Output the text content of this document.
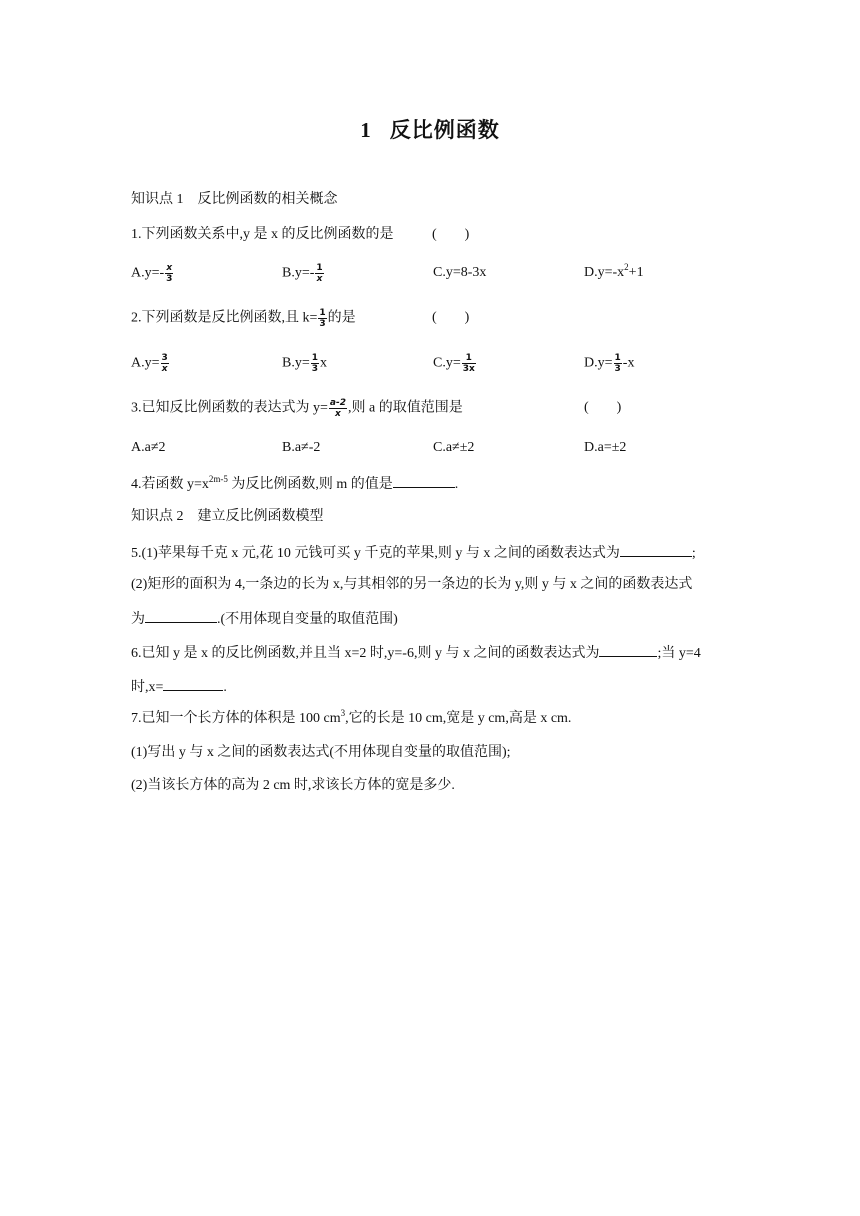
1 反比例函数
知识点 1　反比例函数的相关概念
1.下列函数关系中,y 是 x 的反比例函数的是	(　　)
$A.y=- \frac{x}{3}$	$B.y=- \frac{1}{x}$	C.y=8-3x	$D.y=-x^2+1$
2.下列函数是反比例函数,且 $k= \frac{1}{3}$ 的是	(　　)
$A.y= \frac{3}{x}$	$B.y= \frac{1}{3}$ x	$C.y= \frac{1}{3x}$	$D.y= \frac{1}{3} -x$
3.已知反比例函数的表达式为 $y= \frac{a-2}{x}$ ,则 a 的取值范围是	(　　)
A.a≠2	B.a≠-2	C.a≠±2	D.a=±2
4.若函数 $y=x^{2m-5}$ 为反比例函数,则 m 的值是	.
知识点 2　建立反比例函数模型
5.(1)苹果每千克 x 元,花 10 元钱可买 y 千克的苹果,则 y 与 x 之间的函数表达式为	;
(2)矩形的面积为 4,一条边的长为 x,与其相邻的另一条边的长为 y,则 y 与 x 之间的函数表达式
为	.(不用体现自变量的取值范围)
6.已知 y 是 x 的反比例函数,并且当 x=2 时,y=-6,则 y 与 x 之间的函数表达式为	;当 y=4
时,x=	.
7.已知一个长方体的体积是 100 $cm^3$,它的长是 10 cm,宽是 y cm,高是 x cm.
(1)写出 y 与 x 之间的函数表达式(不用体现自变量的取值范围);
(2)当该长方体的高为 2 cm 时,求该长方体的宽是多少.
